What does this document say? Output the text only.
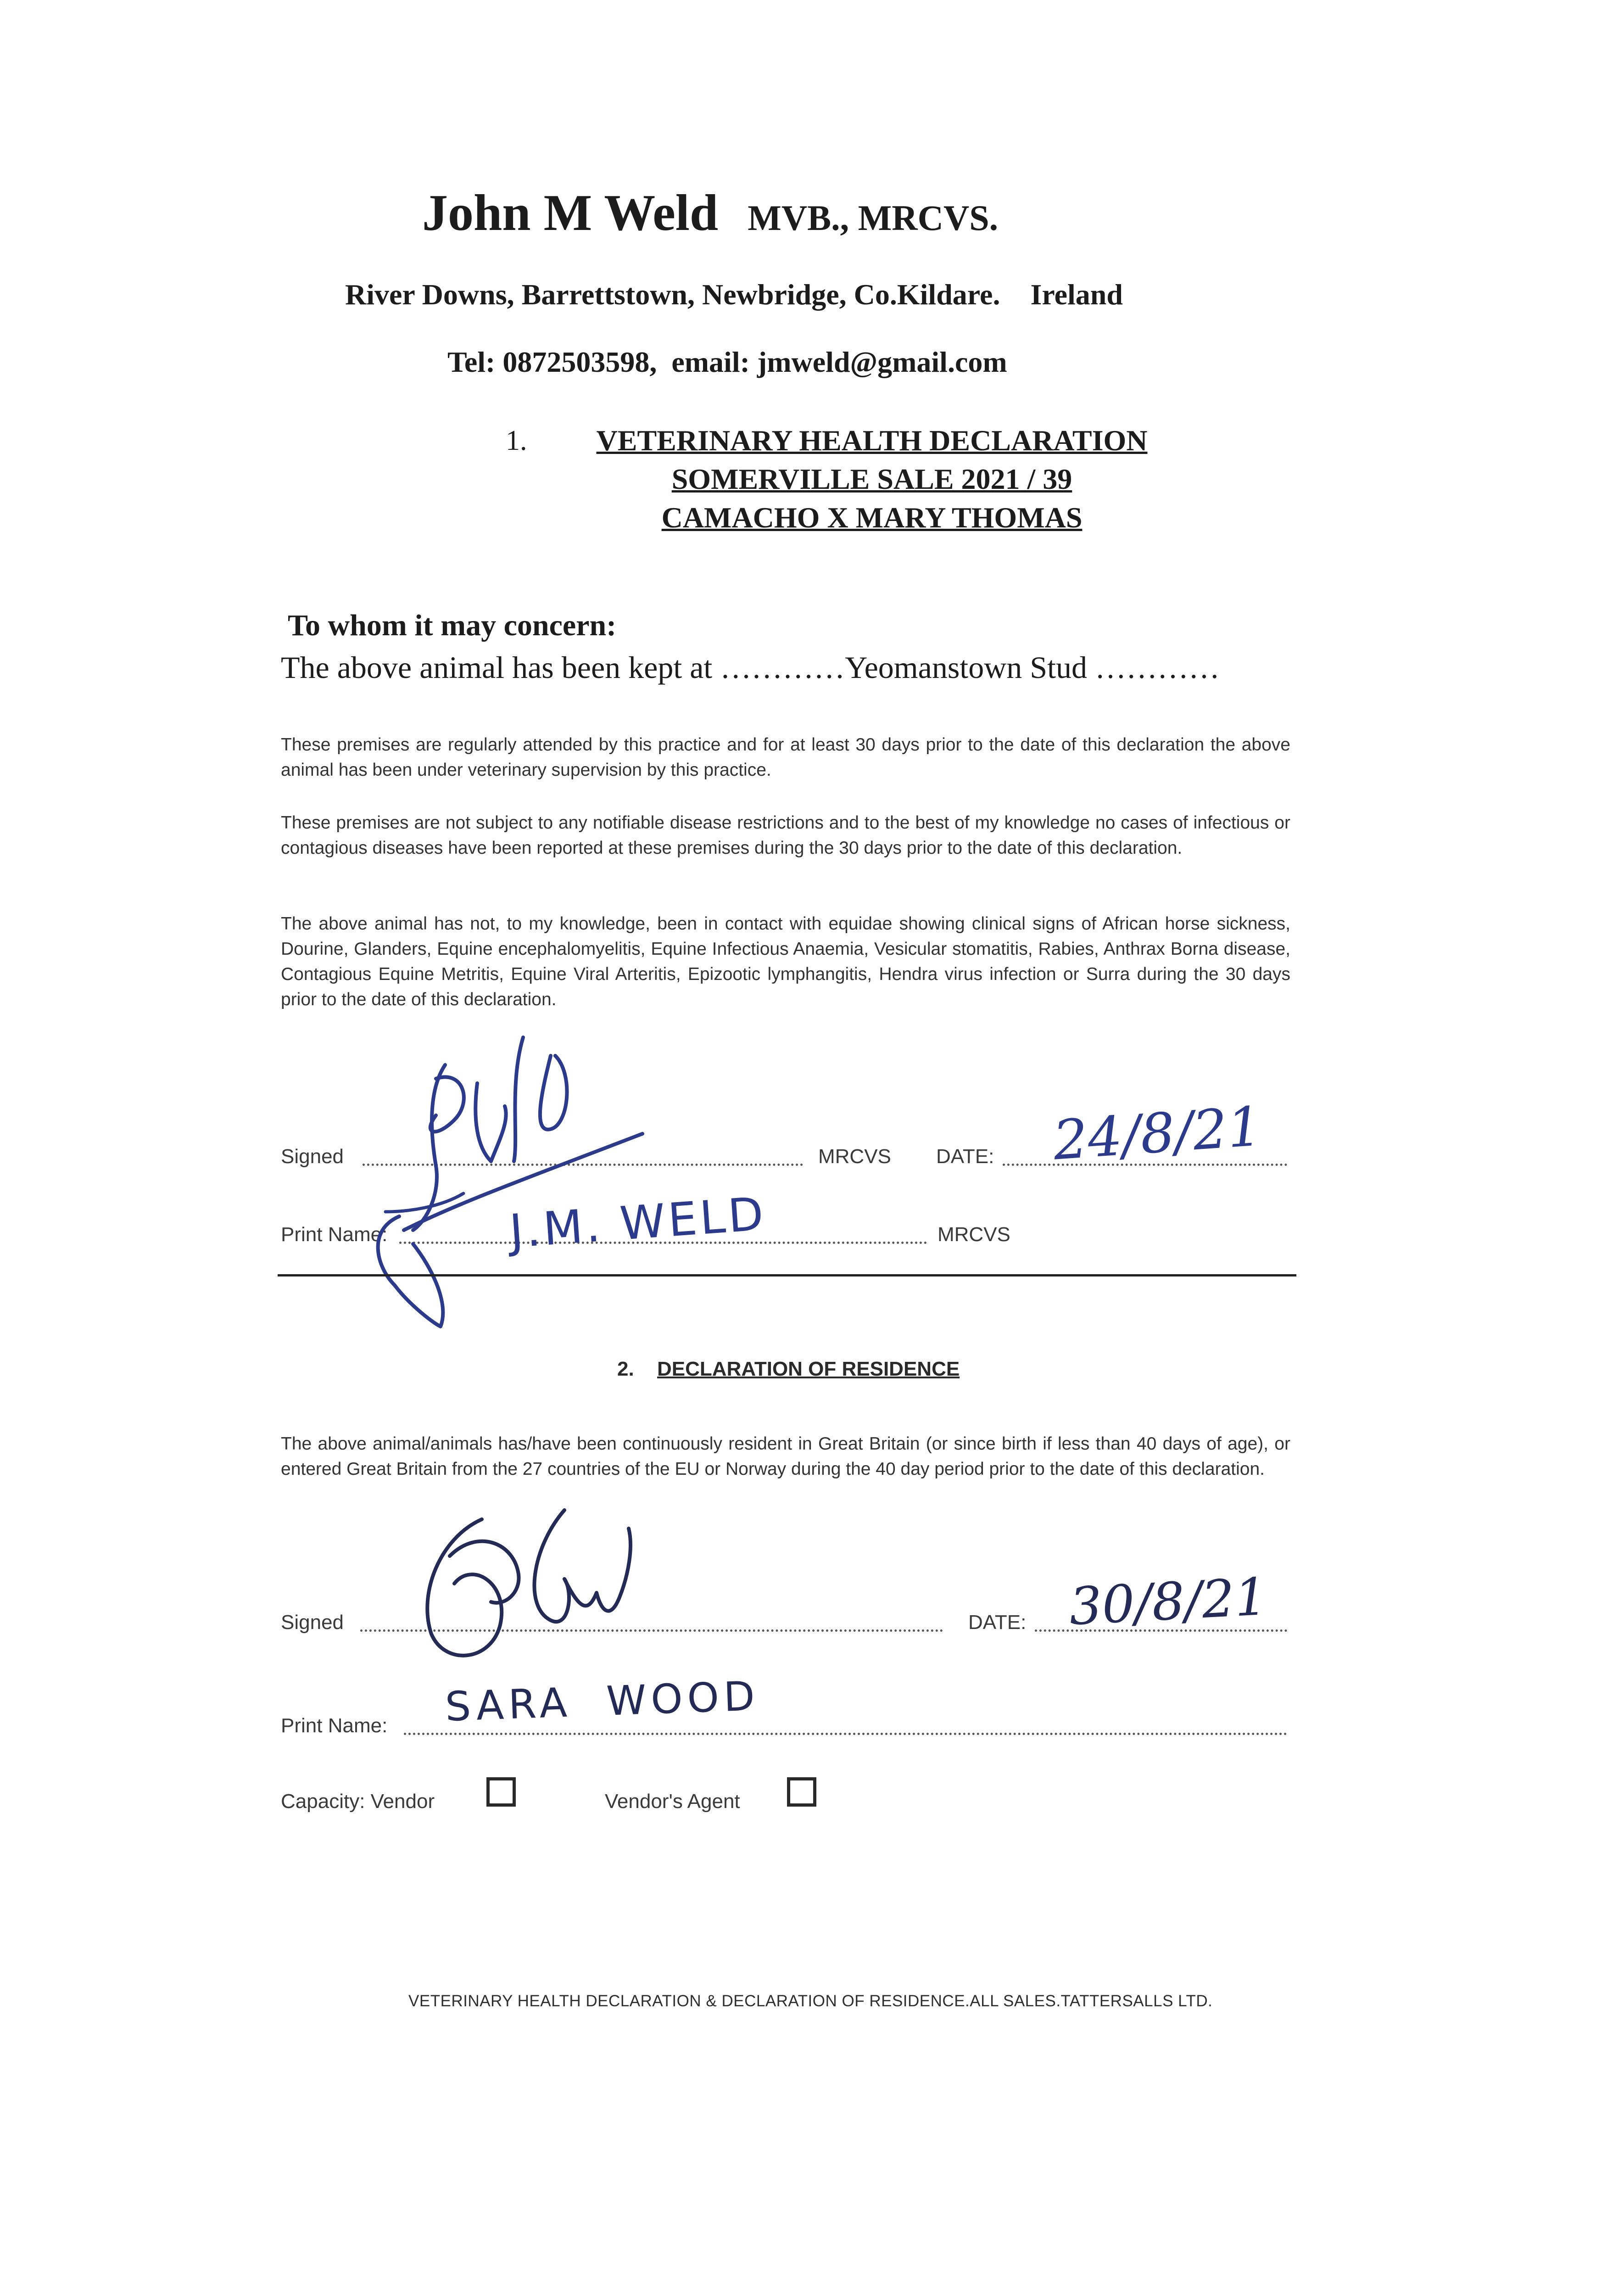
John M Weld MVB., MRCVS.
River Downs, Barrettstown, Newbridge, Co.Kildare. Ireland
Tel: 0872503598,  email: jmweld@gmail.com
1.	VETERINARY HEALTH DECLARATION
SOMERVILLE SALE 2021 / 39
CAMACHO X MARY THOMAS
To whom it may concern:
The above animal has been kept at …………Yeomanstown Stud …………
These premises are regularly attended by this practice and for at least 30 days prior to the date of this declaration the above animal has been under veterinary supervision by this practice.
These premises are not subject to any notifiable disease restrictions and to the best of my knowledge no cases of infectious or contagious diseases have been reported at these premises during the 30 days prior to the date of this declaration.
The above animal has not, to my knowledge, been in contact with equidae showing clinical signs of African horse sickness, Dourine, Glanders, Equine encephalomyelitis, Equine Infectious Anaemia, Vesicular stomatitis, Rabies, Anthrax Borna disease, Contagious Equine Metritis, Equine Viral Arteritis, Epizootic lymphangitis, Hendra virus infection or Surra during the 30 days prior to the date of this declaration.
Signed	MRCVS DATE: 24/8/21
Print Name:	J.M. WELD	MRCVS
2. DECLARATION OF RESIDENCE
The above animal/animals has/have been continuously resident in Great Britain (or since birth if less than 40 days of age), or entered Great Britain from the 27 countries of the EU or Norway during the 40 day period prior to the date of this declaration.
Signed	DATE: 30/8/21
Print Name: SARA  WOOD
Capacity: Vendor	Vendor's Agent
VETERINARY HEALTH DECLARATION & DECLARATION OF RESIDENCE.ALL SALES.TATTERSALLS LTD.
